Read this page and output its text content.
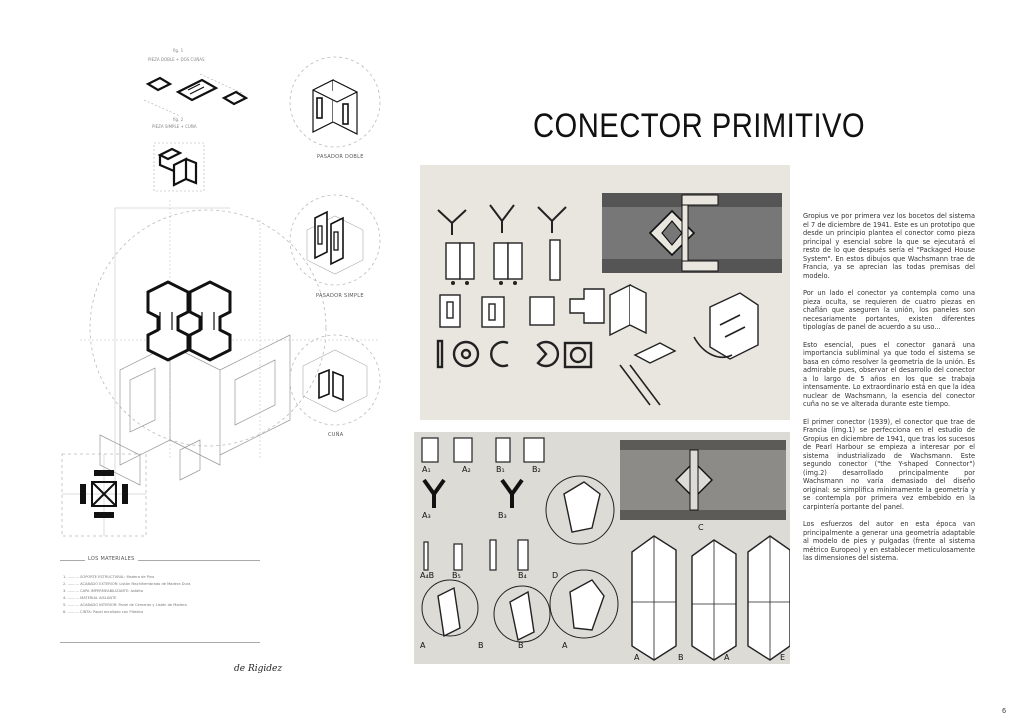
fig. 1
PIEZA DOBLE + DOS CUÑAS
fig. 2
PIEZA SIMPLE + CUÑA
PASADOR DOBLE
PASADOR SIMPLE
CUÑA
LOS MATERIALES
1. .......... SOPORTE ESTRUCTURAL: Madera de Pino
2. .......... ACABADO EXTERIOR: Listón Machihembrado de Madera Dura
3. .......... CAPA IMPERMEABILIZANTE: Asfalto
4. .......... MATERIAL AISLANTE
5. .......... ACABADO INTERIOR: Panel de Cemento y Listón de Madera
6. .......... CINTA: Papel enrollado con Plástico
de Rigidez
CONECTOR PRIMITIVO
A₁	A₂	B₁	B₂
A₃	B₃
A₄B B₅	B₄	D
C
A	B	B	A
A	B	A	E

Gropius ve por primera vez los bocetos del sistema el 7 de diciembre de 1941. Este es un prototipo que desde un principio plantea el conector como pieza principal y esencial sobre la que se ejecutará el resto de lo que después sería el "Packaged House System". En estos dibujos que Wachsmann trae de Francia, ya se aprecian las todas premisas del modelo.

Por un lado el conector ya contempla como una pieza oculta, se requieren de cuatro piezas en chaflán que aseguren la unión, los paneles son necesariamente portantes, existen diferentes tipologías de panel de acuerdo a su uso...

Esto esencial, pues el conector ganará una importancia subliminal ya que todo el sistema se basa en cómo resolver la geometría de la unión. Es admirable pues, observar el desarrollo del conector a lo largo de 5 años en los que se trabaja intensamente. Lo extraordinario está en que la idea nuclear de Wachsmann, la esencia del conector cuña no se ve alterada durante este tiempo.

El primer conector (1939), el conector que trae de Francia (img.1) se perfecciona en el estudio de Gropius en diciembre de 1941, que tras los sucesos de Pearl Harbour se empieza a interesar por el sistema industrializado de Wachsmann. Este segundo conector ("the Y-shaped Connector") (img.2) desarrollado principalmente por Wachsmann no varía demasiado del diseño original: se simplifica mínimamente la geometría y se contempla por primera vez embebido en la carpintería portante del panel.

Los esfuerzos del autor en esta época van principalmente a generar una geometría adaptable al modelo de pies y pulgadas (frente al sistema métrico Europeo) y en establecer meticulosamente las dimensiones del sistema.

6
